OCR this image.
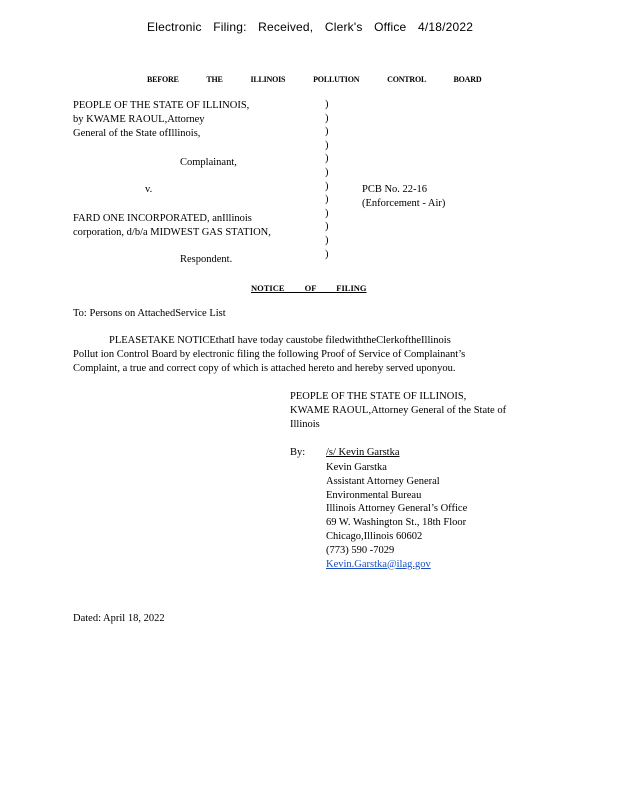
Electronic Filing: Received, Clerk's Office 4/18/2022
BEFORE THE ILLINOIS POLLUTION CONTROL BOARD
PEOPLE OF THE STATE OF ILLINOIS,
by KWAME RAOUL,Attorney
General of the State ofIllinois,
Complainant,
v.
FARD ONE INCORPORATED, anIllinois
corporation, d/b/a MIDWEST GAS STATION,
Respondent.
)
)
)
)
)
)
)
)
)
)
)
)
PCB No. 22-16
(Enforcement - Air)
NOTICE OF FILING
To: Persons on AttachedService List
PLEASETAKE NOTICEthatI have today caustobe filedwiththeClerkoftheIllinois
Pollut ion Control Board by electronic filing the following Proof of Service of Complainant’s
Complaint, a true and correct copy of which is attached hereto and hereby served uponyou.
PEOPLE OF THE STATE OF ILLINOIS,
KWAME RAOUL,Attorney General of the State of
Illinois
By: /s/ Kevin Garstka
Kevin Garstka
Assistant Attorney General
Environmental Bureau
Illinois Attorney General’s Office
69 W. Washington St., 18th Floor
Chicago,Illinois 60602
(773) 590 -7029
Kevin.Garstka@ilag.gov
Dated: April 18, 2022
